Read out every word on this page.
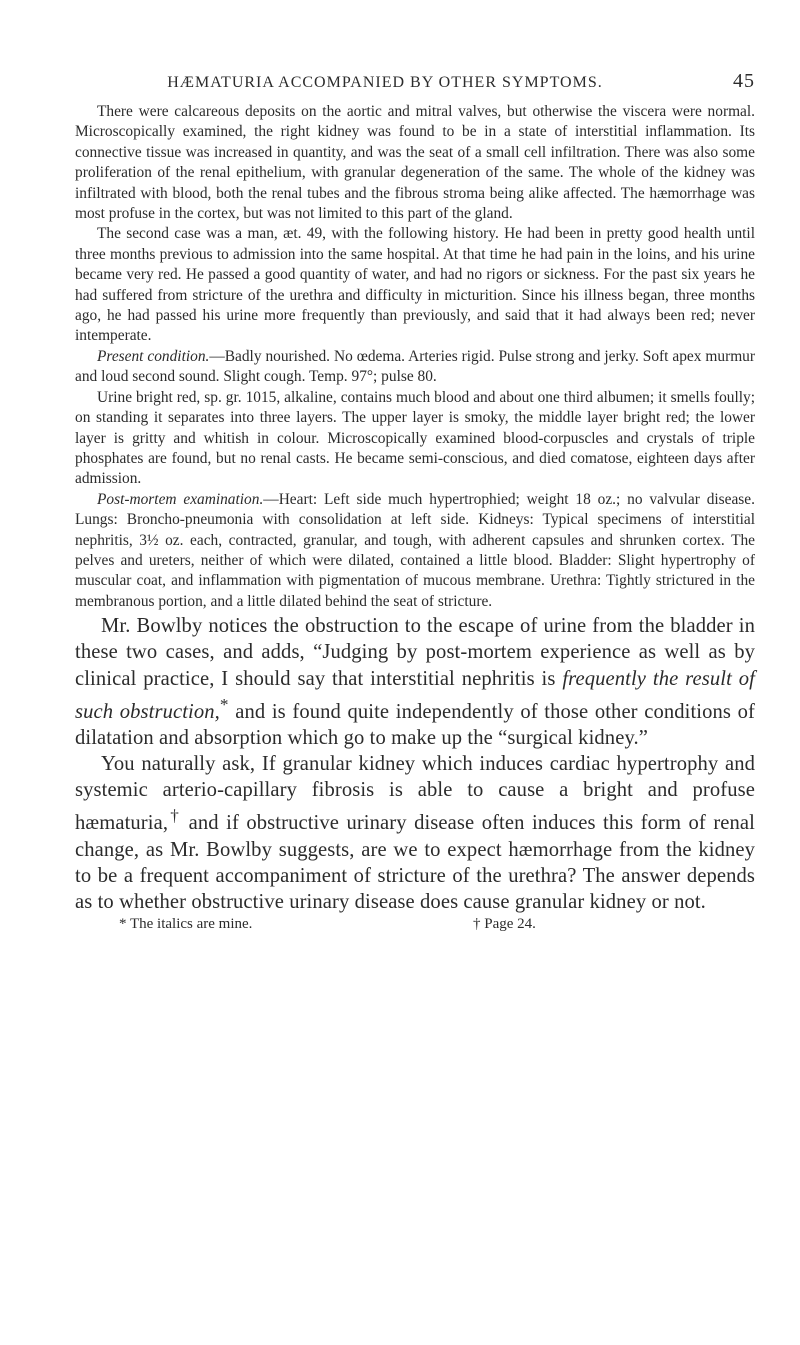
HÆMATURIA ACCOMPANIED BY OTHER SYMPTOMS.	45

There were calcareous deposits on the aortic and mitral valves, but otherwise the viscera were normal. Microscopically examined, the right kidney was found to be in a state of interstitial inflammation. Its connective tissue was increased in quantity, and was the seat of a small cell infiltration. There was also some proliferation of the renal epithelium, with granular degeneration of the same. The whole of the kidney was infiltrated with blood, both the renal tubes and the fibrous stroma being alike affected. The hæmorrhage was most profuse in the cortex, but was not limited to this part of the gland.

The second case was a man, æt. 49, with the following history. He had been in pretty good health until three months previous to admission into the same hospital. At that time he had pain in the loins, and his urine became very red. He passed a good quantity of water, and had no rigors or sickness. For the past six years he had suffered from stricture of the urethra and difficulty in micturition. Since his illness began, three months ago, he had passed his urine more frequently than previously, and said that it had always been red; never intemperate.

Present condition.—Badly nourished. No œdema. Arteries rigid. Pulse strong and jerky. Soft apex murmur and loud second sound. Slight cough. Temp. 97°; pulse 80.

Urine bright red, sp. gr. 1015, alkaline, contains much blood and about one third albumen; it smells foully; on standing it separates into three layers. The upper layer is smoky, the middle layer bright red; the lower layer is gritty and whitish in colour. Microscopically examined blood-corpuscles and crystals of triple phosphates are found, but no renal casts. He became semi-conscious, and died comatose, eighteen days after admission.

Post-mortem examination.—Heart: Left side much hypertrophied; weight 18 oz.; no valvular disease. Lungs: Broncho-pneumonia with consolidation at left side. Kidneys: Typical specimens of interstitial nephritis, 3½ oz. each, contracted, granular, and tough, with adherent capsules and shrunken cortex. The pelves and ureters, neither of which were dilated, contained a little blood. Bladder: Slight hypertrophy of muscular coat, and inflammation with pigmentation of mucous membrane. Urethra: Tightly strictured in the membranous portion, and a little dilated behind the seat of stricture.

Mr. Bowlby notices the obstruction to the escape of urine from the bladder in these two cases, and adds, “Judging by post-mortem experience as well as by clinical practice, I should say that interstitial nephritis is frequently the result of such obstruction,* and is found quite independently of those other conditions of dilatation and absorption which go to make up the “surgical kidney.”

You naturally ask, If granular kidney which induces cardiac hypertrophy and systemic arterio-capillary fibrosis is able to cause a bright and profuse hæmaturia,† and if obstructive urinary disease often induces this form of renal change, as Mr. Bowlby suggests, are we to expect hæmorrhage from the kidney to be a frequent accompaniment of stricture of the urethra? The answer depends as to whether obstructive urinary disease does cause granular kidney or not.

* The italics are mine.	† Page 24.
